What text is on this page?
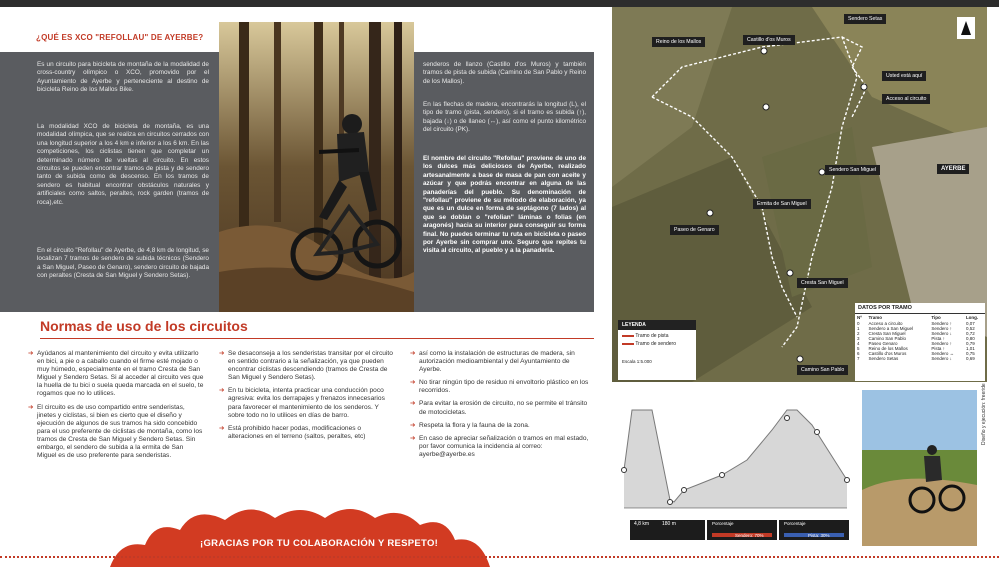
¿QUÉ ES XCO "REFOLLAU" DE AYERBE?
Es un circuito para bicicleta de montaña de la modalidad de cross-country olímpico o XCO, promovido por el Ayuntamiento de Ayerbe y perteneciente al destino de bicicleta Reino de los Mallos Bike.
La modalidad XCO de bicicleta de montaña, es una modalidad olímpica, que se realiza en circuitos cerrados con una longitud superior a los 4 km e inferior a los 6 km. En las competiciones, los ciclistas tienen que completar un determinado número de vueltas al circuito. En estos circuitos se pueden encontrar tramos de pista y de sendero tanto de subida como de descenso. En los tramos de sendero es habitual encontrar obstáculos naturales y artificiales como saltos, peraltes, rock garden (tramos de roca),etc.
En el circuito "Refollau" de Ayerbe, de 4,8 km de longitud, se localizan 7 tramos de sendero de subida técnicos (Sendero a San Miguel, Paseo de Genaro), sendero circuito de bajada con peraltes (Cresta de San Miguel y Sendero Setas).
senderos de llanzo (Castillo d'os Muros) y también tramos de pista de subida (Camino de San Pablo y Reino de los Mallos).
En las flechas de madera, encontrarás la longitud (L), el tipo de tramo (pista, sendero), si el tramo es subida (↑), bajada (↓) o de llaneo (↔), así como el punto kilométrico del circuito (PK).
El nombre del circuito "Refollau" proviene de uno de los dulces más deliciosos de Ayerbe, realizado artesanalmente a base de masa de pan con aceite y azúcar y que podrás encontrar en alguna de las panaderías del pueblo. Su denominación de "refollau" proviene de su método de elaboración, ya que es un dulce en forma de septágono (7 lados) al que se doblan o "refolian" láminas o folias (en aragonés) hacia su interior para conseguir su forma final. No puedes terminar tu ruta en bicicleta o paseo por Ayerbe sin comprar uno. Seguro que repites tu visita al circuito, al pueblo y a la panadería.
Normas de uso de los circuitos

➔ Ayúdanos al mantenimiento del circuito y evita utilizarlo en bici, a pie o a caballo cuando el firme esté mojado o muy húmedo, especialmente en el tramo Cresta de San Miguel y Sendero Setas. Si al acceder al circuito ves que la huella de tu bici o suela queda marcada en el suelo, te rogamos que no lo utilices.

➔ El circuito es de uso compartido entre senderistas, jinetes y ciclistas, si bien es cierto que el diseño y ejecución de algunos de sus tramos ha sido concebido para el uso preferente de ciclistas de montaña, como los tramos de Cresta de San Miguel y Sendero Setas. Sin embargo, el sendero de subida a la ermita de San Miguel es de uso preferente para senderistas.

➔ Se desaconseja a los senderistas transitar por el circuito en sentido contrario a la señalización, ya que pueden encontrar ciclistas descendiendo (tramos de Cresta de San Miguel y Sendero Setas).

➔ En tu bicicleta, intenta practicar una conducción poco agresiva: evita los derrapajes y frenazos innecesarios para favorecer el mantenimiento de los senderos. Y sobre todo no lo utilices en días de barro.

➔ Está prohibido hacer podas, modificaciones o alteraciones en el terreno (saltos, peraltes, etc)

➔ así como la instalación de estructuras de madera, sin autorización medioambiental y del Ayuntamiento de Ayerbe.

➔ No tirar ningún tipo de residuo ni envoltorio plástico en los recorridos.

➔ Para evitar la erosión de circuito, no se permite el tránsito de motocicletas.

➔ Respeta la flora y la fauna de la zona.

➔ En caso de apreciar señalización o tramos en mal estado, por favor comunica la incidencia al correo: ayerbe@ayerbe.es

¡GRACIAS POR TU COLABORACIÓN Y RESPETO!
Reino de los Mallos	Castillo d'os Muros
Sendero Setas
Usted está aquí
Acceso al circuito
Sendero San Miguel	AYERBE
Ermita de San Miguel
Paseo de Genaro
Cresta San Miguel
Camino San Pablo
LEYENDA
Tramo de pista
Tramo de sendero
Escala 1:5.000
DATOS POR TRAMO
Nº	Tramo	Tipo	Long.
0	Acceso a circuito	Sendero ↑	0,07
1	Sendero a San Miguel	Sendero ↑	0,52
2	Cresta San Miguel	Sendero ↓	0,72
3	Camino San Pablo	Pista ↑	0,80
4	Paseo Genaro	Sendero ↑	0,79
5	Reino de los Mallos	Pista ↑	1,01
6	Castillo d'os Muros	Sendero ↔	0,75
7	Sendero Setas	Sendero ↓	0,69
4,8 km	180 m	Porcentaje	Porcentaje
Sendero: 70%	Pista: 30%
Diseño y ejecución: freeride
